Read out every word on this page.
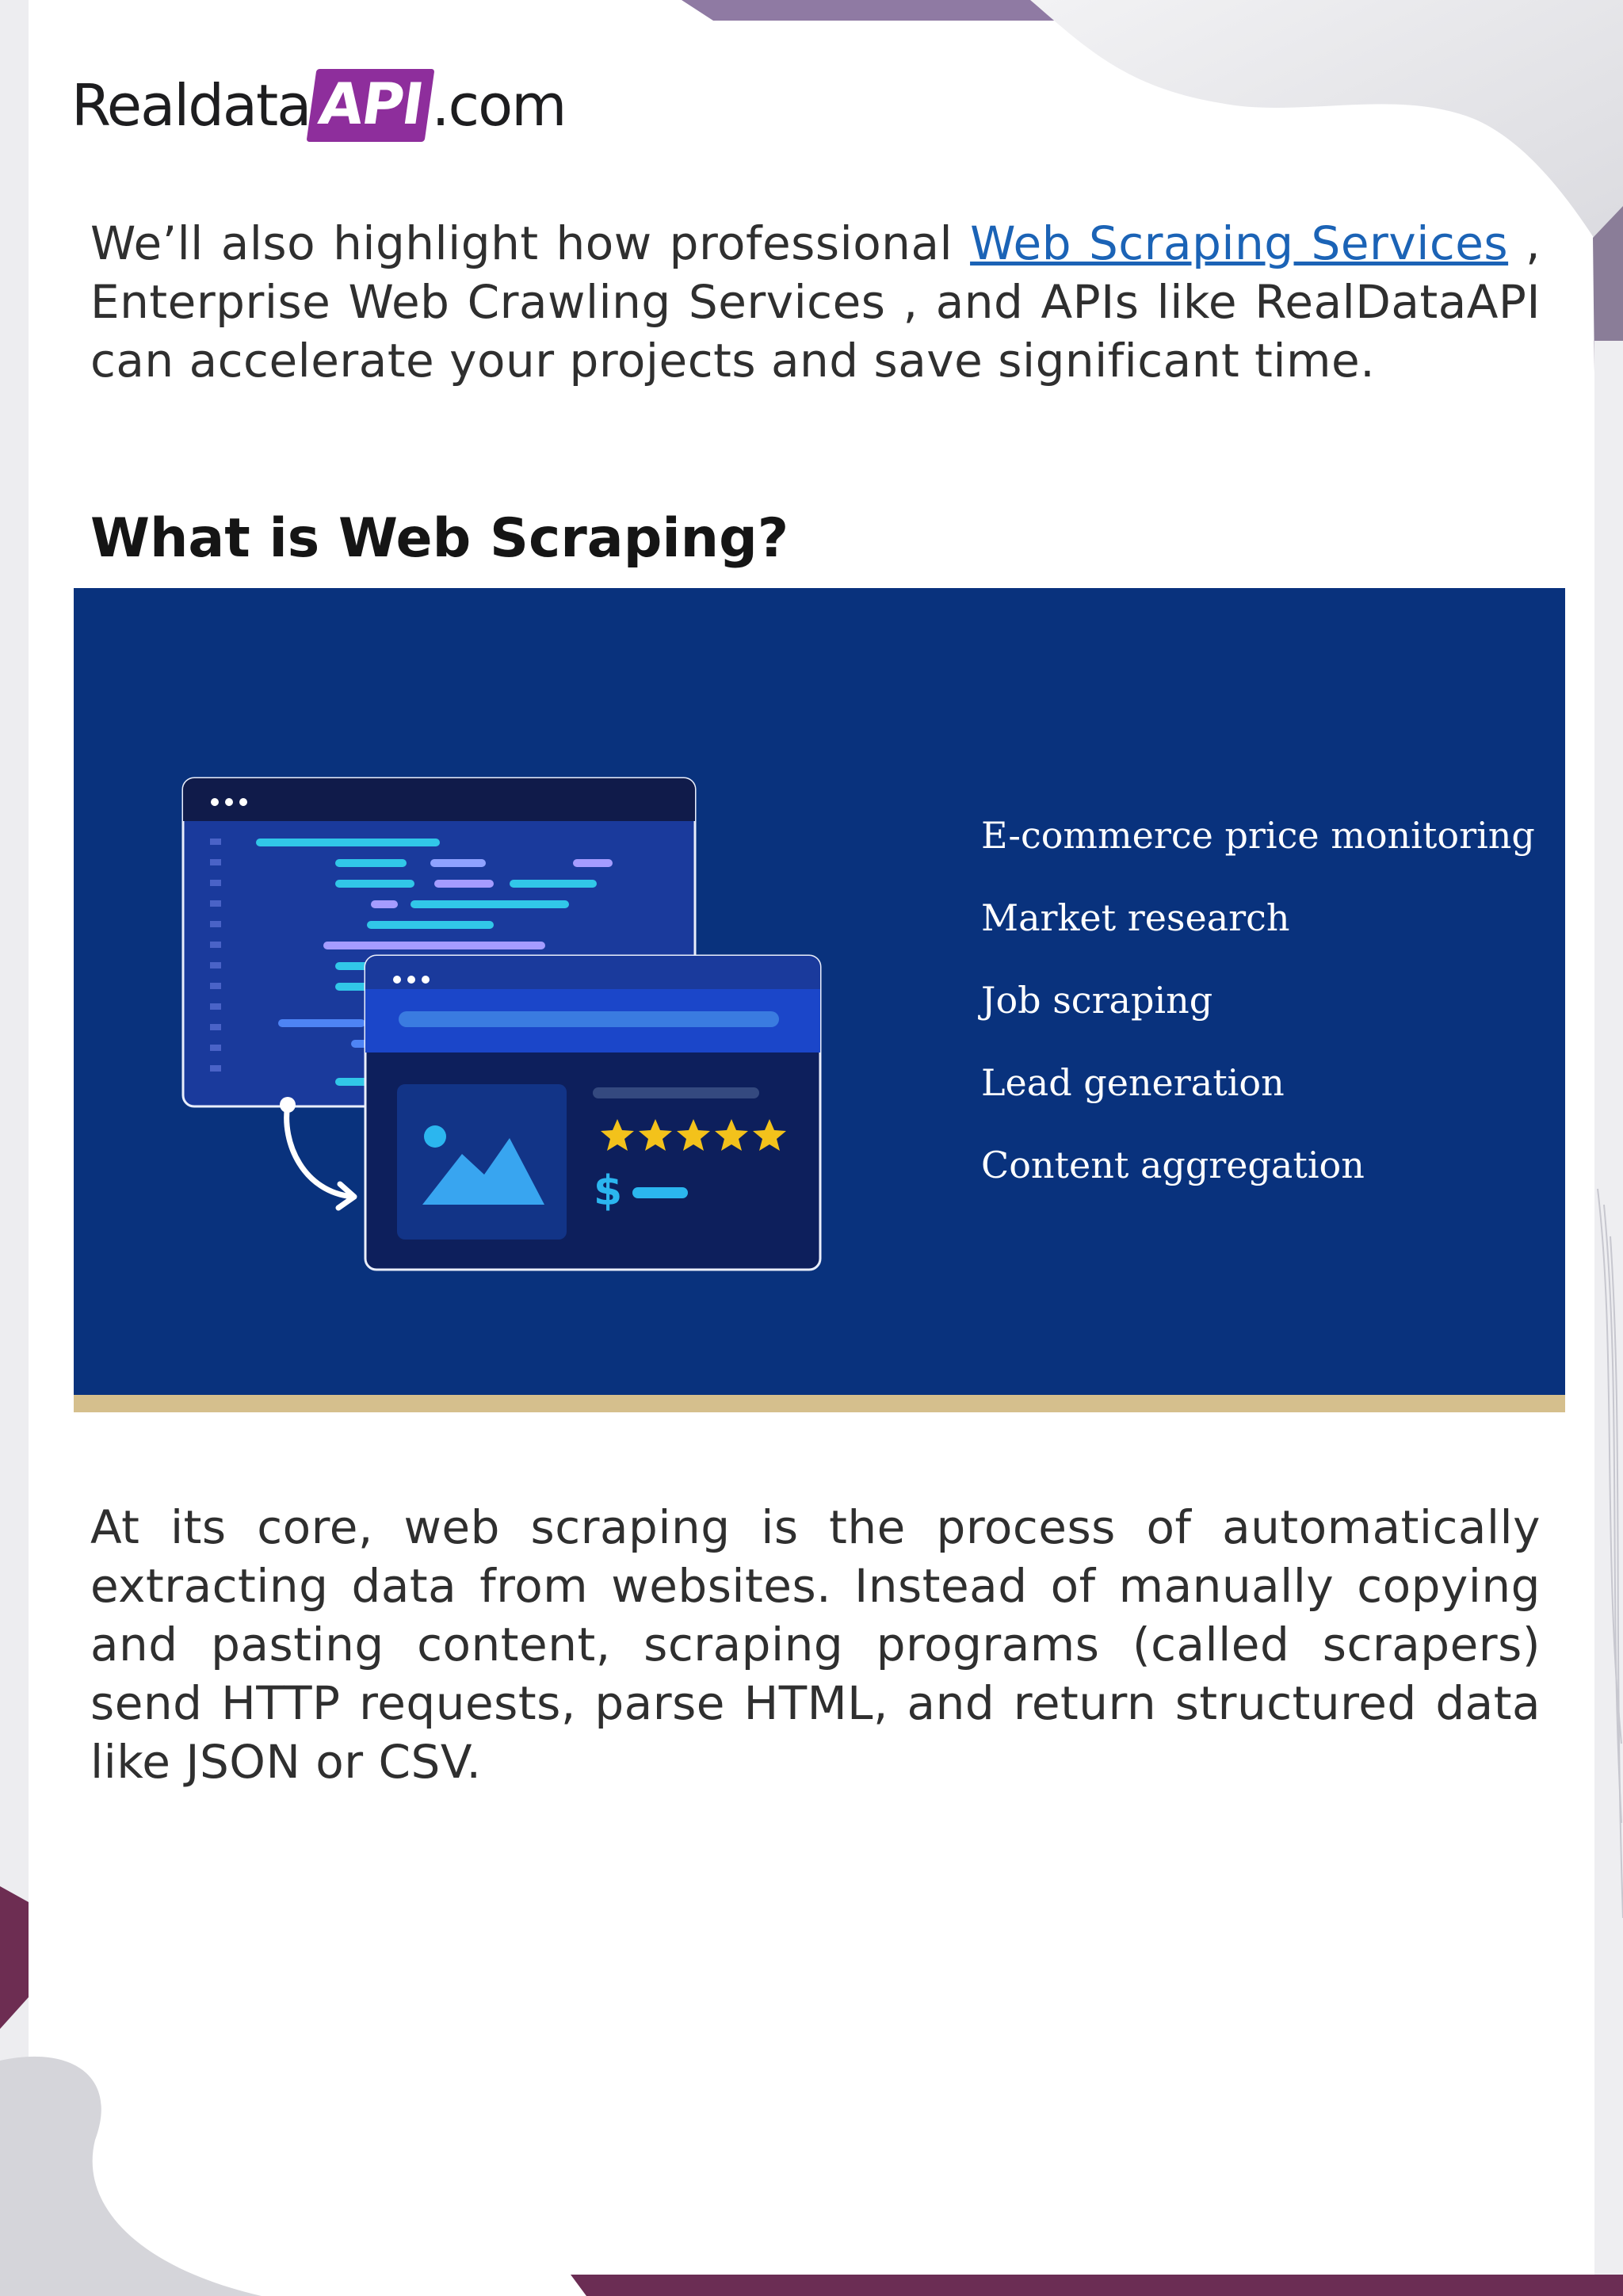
Realdata API .com

We’ll also highlight how professional Web Scraping Services , Enterprise Web Crawling Services , and APIs like RealDataAPI can accelerate your projects and save significant time.

What is Web Scraping?
$
E-commerce price monitoring
Market research
Job scraping
Lead generation
Content aggregation

At its core, web scraping is the process of automatically extracting data from websites. Instead of manually copying and pasting content, scraping programs (called scrapers) send HTTP requests, parse HTML, and return structured data like JSON or CSV.
